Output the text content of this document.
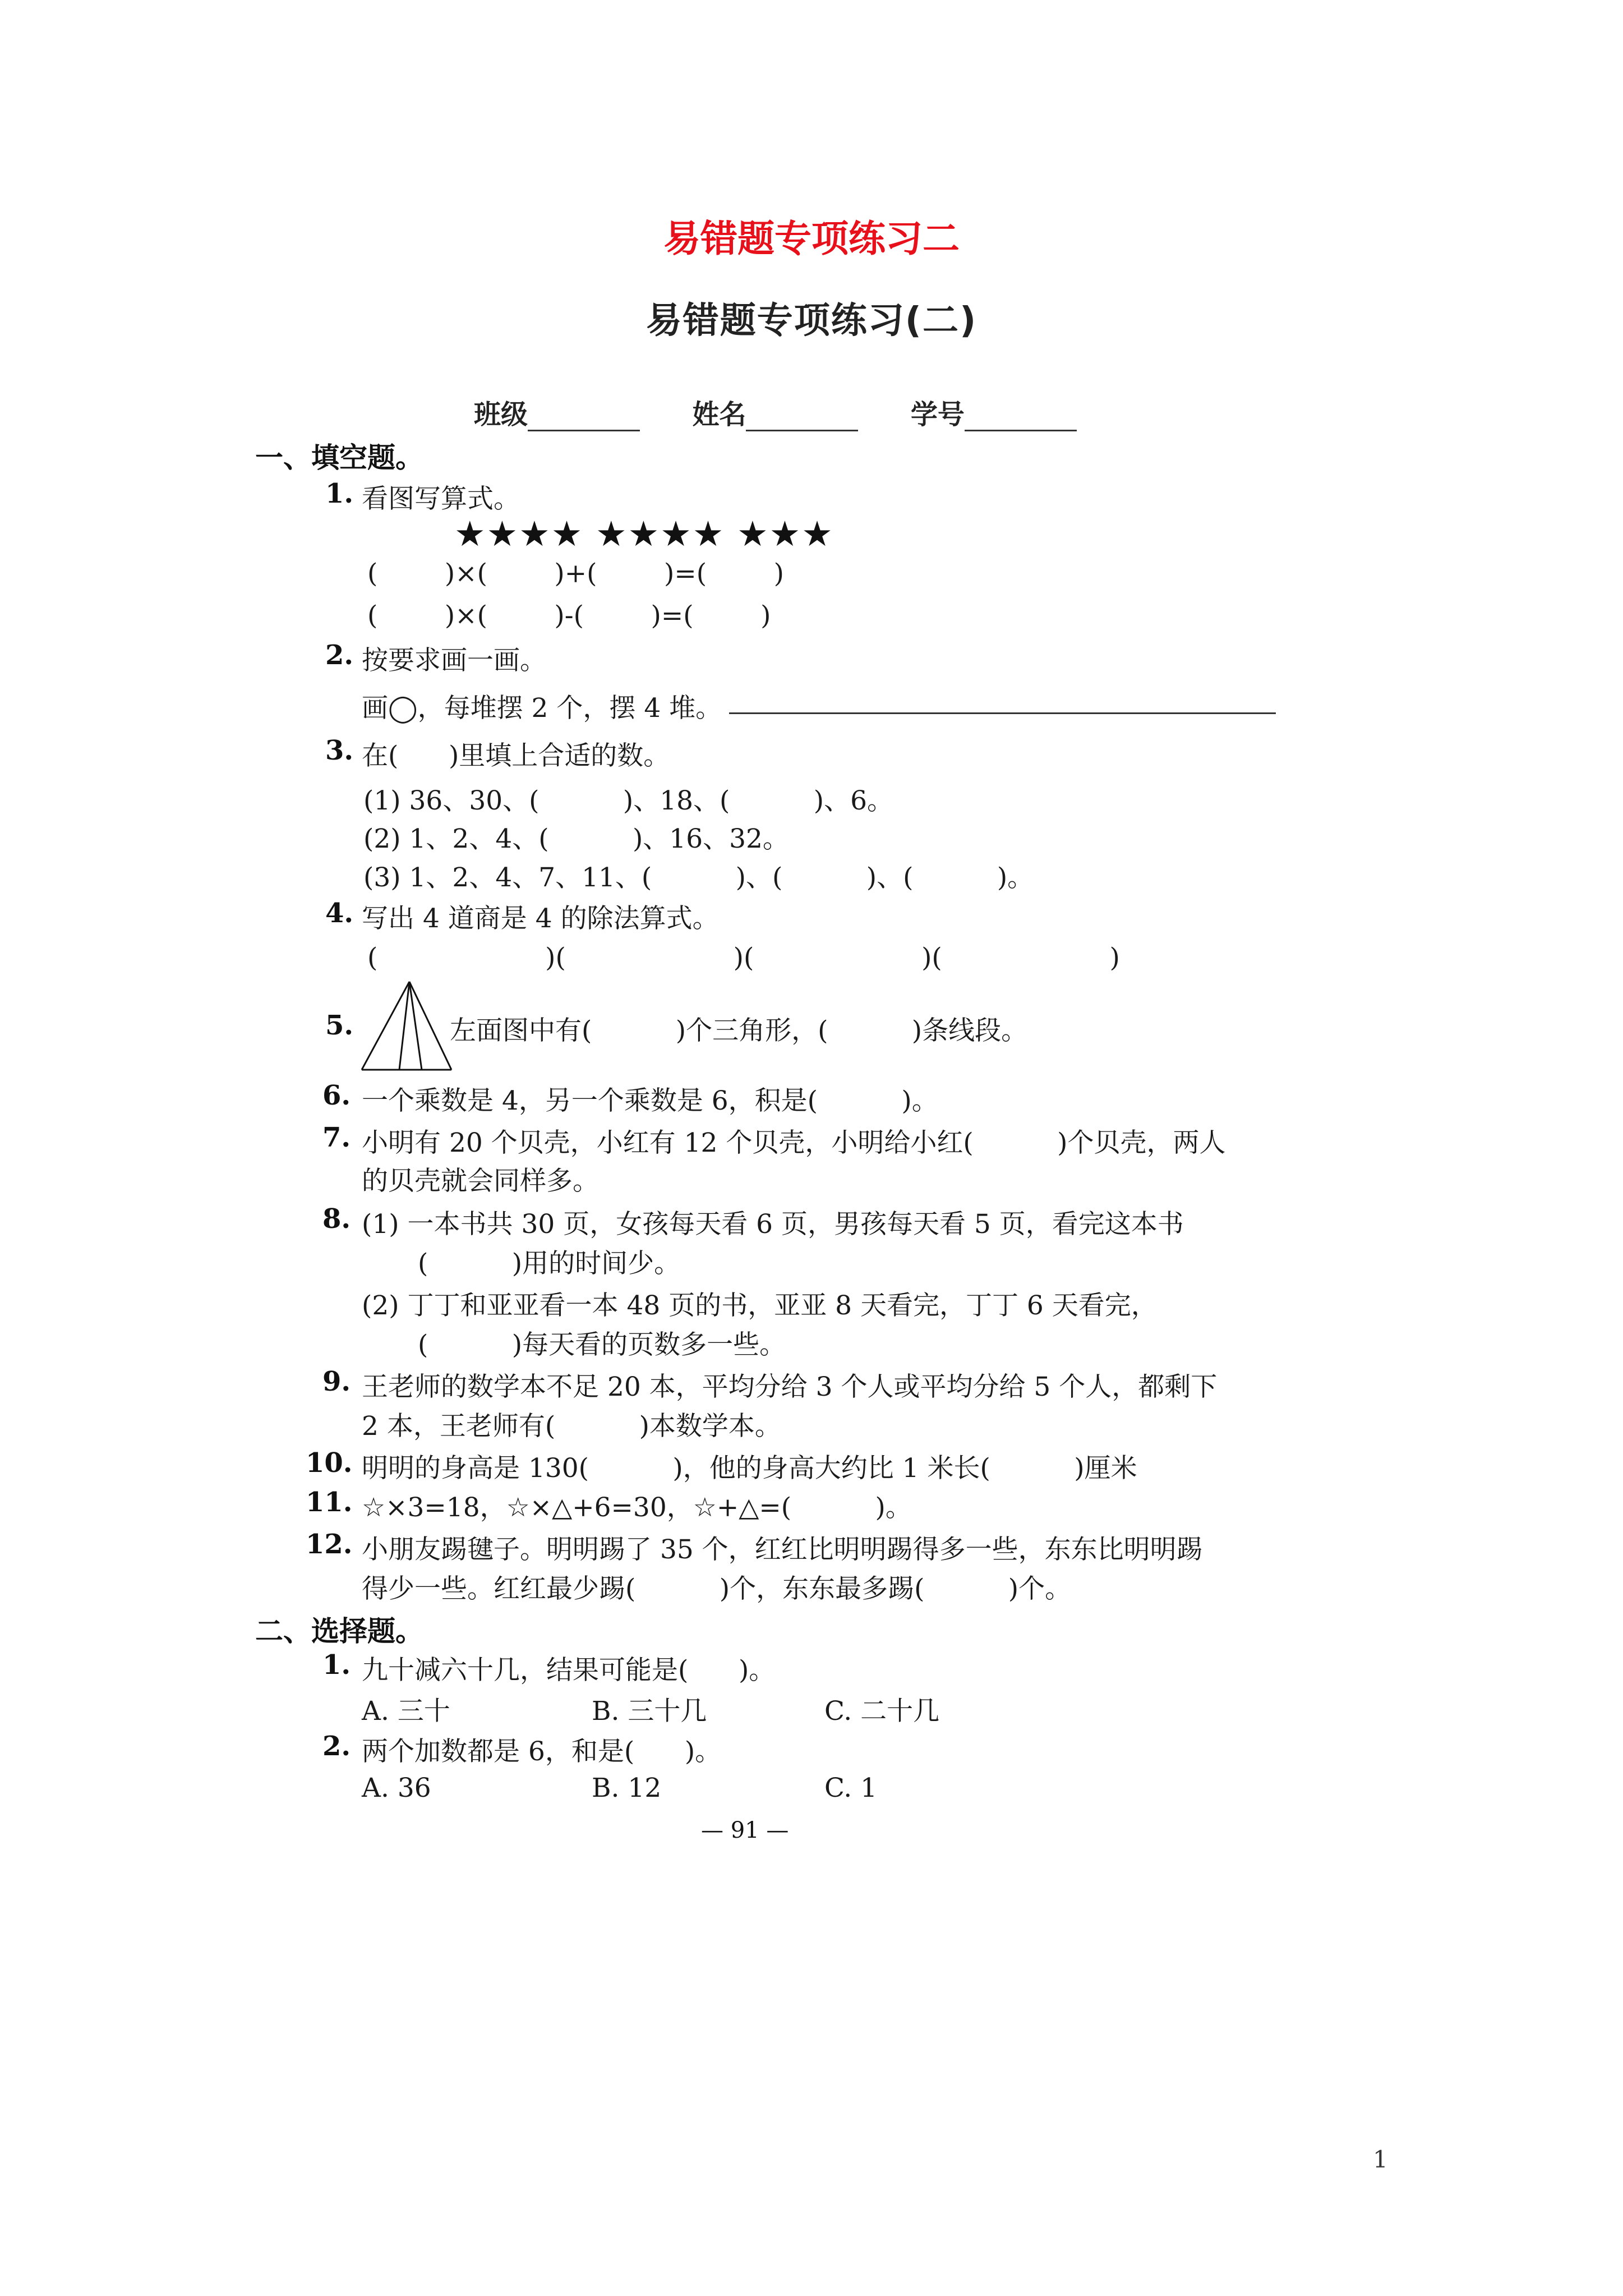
易错题专项练习二
易错题专项练习(二)
班级	姓名	学号
一、填空题。
1. 看图写算式。
★★★★ ★★★★ ★★★
(        )×(        )+(        )=(        )
(        )×(        )-(        )=(        )
2. 按要求画一画。
画◯，每堆摆 2 个，摆 4 堆。
3. 在(      )里填上合适的数。
(1) 36、30、(          )、18、(          )、6。
(2) 1、2、4、(          )、16、32。
(3) 1、2、4、7、11、(          )、(          )、(          )。
4. 写出 4 道商是 4 的除法算式。
(                    )(                    )(                    )(                    )
5.	左面图中有(          )个三角形，(          )条线段。
6. 一个乘数是 4，另一个乘数是 6，积是(          )。
7. 小明有 20 个贝壳，小红有 12 个贝壳，小明给小红(          )个贝壳，两人
的贝壳就会同样多。
8. (1) 一本书共 30 页，女孩每天看 6 页，男孩每天看 5 页，看完这本书
(          )用的时间少。
(2) 丁丁和亚亚看一本 48 页的书，亚亚 8 天看完，丁丁 6 天看完，
(          )每天看的页数多一些。
9. 王老师的数学本不足 20 本，平均分给 3 个人或平均分给 5 个人，都剩下
2 本，王老师有(          )本数学本。
10. 明明的身高是 130(          )，他的身高大约比 1 米长(          )厘米
11. ☆×3=18，☆×△+6=30，☆+△=(          )。
12. 小朋友踢毽子。明明踢了 35 个，红红比明明踢得多一些，东东比明明踢
得少一些。红红最少踢(          )个，东东最多踢(          )个。
二、选择题。
1. 九十减六十几，结果可能是(      )。
A. 三十	B. 三十几	C. 二十几
2. 两个加数都是 6，和是(      )。
A. 36	B. 12	C. 1
— 91 —
1
